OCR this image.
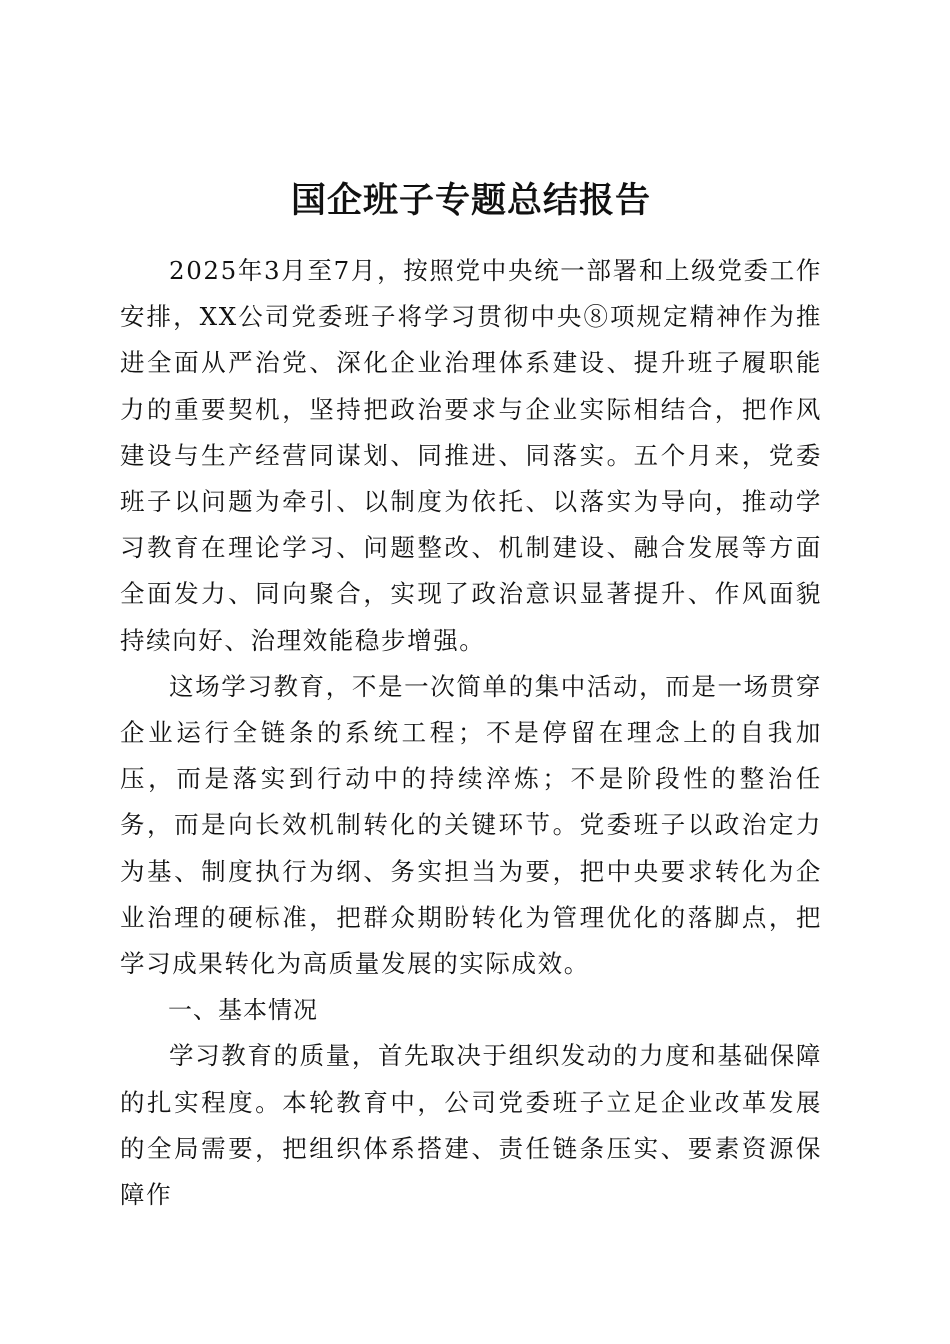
国企班子专题总结报告

2025年3月至7月，按照党中央统一部署和上级党委工作安排，XX公司党委班子将学习贯彻中央⑧项规定精神作为推进全面从严治党、深化企业治理体系建设、提升班子履职能力的重要契机，坚持把政治要求与企业实际相结合，把作风建设与生产经营同谋划、同推进、同落实。五个月来，党委班子以问题为牵引、以制度为依托、以落实为导向，推动学习教育在理论学习、问题整改、机制建设、融合发展等方面全面发力、同向聚合，实现了政治意识显著提升、作风面貌持续向好、治理效能稳步增强。

这场学习教育，不是一次简单的集中活动，而是一场贯穿企业运行全链条的系统工程；不是停留在理念上的自我加压，而是落实到行动中的持续淬炼；不是阶段性的整治任务，而是向长效机制转化的关键环节。党委班子以政治定力为基、制度执行为纲、务实担当为要，把中央要求转化为企业治理的硬标准，把群众期盼转化为管理优化的落脚点，把学习成果转化为高质量发展的实际成效。

一、基本情况

学习教育的质量，首先取决于组织发动的力度和基础保障的扎实程度。本轮教育中，公司党委班子立足企业改革发展的全局需要，把组织体系搭建、责任链条压实、要素资源保障作
